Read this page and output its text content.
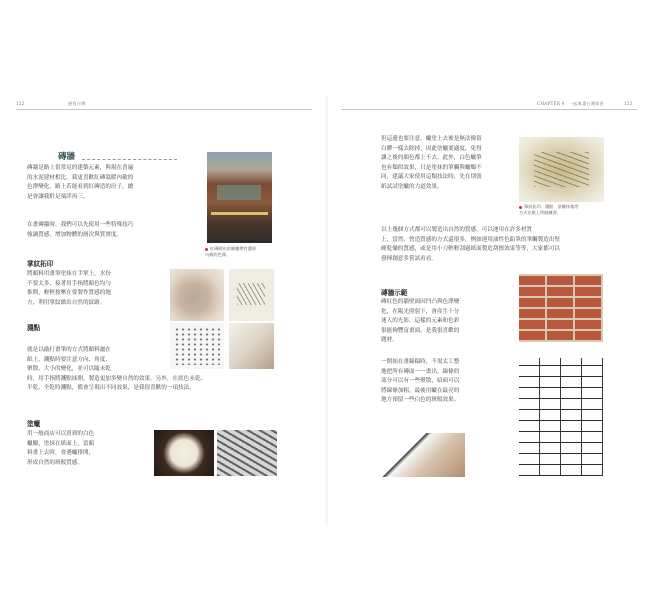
122	速寫台灣
磚牆
磚牆是路上很常見的建築元素，與現在普遍
的水泥建材相比，我更喜歡紅磚溫暖內斂的
色澤變化，路上若能看到紅磚造的房子，總
是會讓我駐足端詳再三。
在畫磚牆時，我們可以先使用一些特殊技巧
強調質感，增加物體的層次與質實度。
紅磚砌出的騎樓帶有濃厚
內斂的色澤。
掌紋拓印
將顏料用畫筆塗抹在手掌上，水份
不要太多，接著用手指將顏色均勻
推開，輕輕按壓在要製作質感的地
方，利用掌紋做出自然的紋路。
濺點
就是以敲打畫筆的方式將顏料灑在
紙上，濺點時要注意方向、角度、
聚散、大小的變化，並可以隨未乾
時，用手指將濺點抹開，製造更加多變自然的效果。另外，在底色未乾、
半乾、全乾時濺點，都會呈現出不同效果，是我很喜歡的一項技法。
塗蠟
用一般商店可以買到的白色
蠟燭，塗抹在紙面上，當顏
料畫上去時，會遇蠟排開，
形成自然的斑駁質感。
CHAPTER 4　一起來畫台灣街景	123
但這邊也要注意，蠟塗上去後是無法像留
白膠一樣去除掉，因此塗蠟要適度，免得
讓之後的顏色都上不去。此外，白色蠟筆
也有類似效果，只是塗抹的筆觸與蠟燭不
同，建議大家使用這類技法時，先在別張
紙試試塗蠟的力道效果。
筆紋拓印、濺點、塗蠟抹塊等
方式在紙上所做練習。
以上幾個方式都可以製造出自然的質感，可以運用在許多材質
上，當然，營造質感的方式還很多，例如運用油性色鉛筆的筆觸製造出堅
硬乾燥的質感，或是用小刀輕輕刮過紙面製造刮擦效果等等，大家都可以
發揮創意多嘗試看看。
磚牆示範
磚紅色的牆壁面因凹凸與色澤變
化，在陽光照射下，會產生十分
迷人的光影，這樣的元素和色彩
很能夠豐富畫面，是我很喜歡的
題材。
一開始在畫線稿時，不需太工整
地把所有磚面一一畫出，線條的
部分可以有一些聚散，暗面可以
將線條加粗，最後用蠟在最亮的
地方預留一些白色的斑駁效果。
